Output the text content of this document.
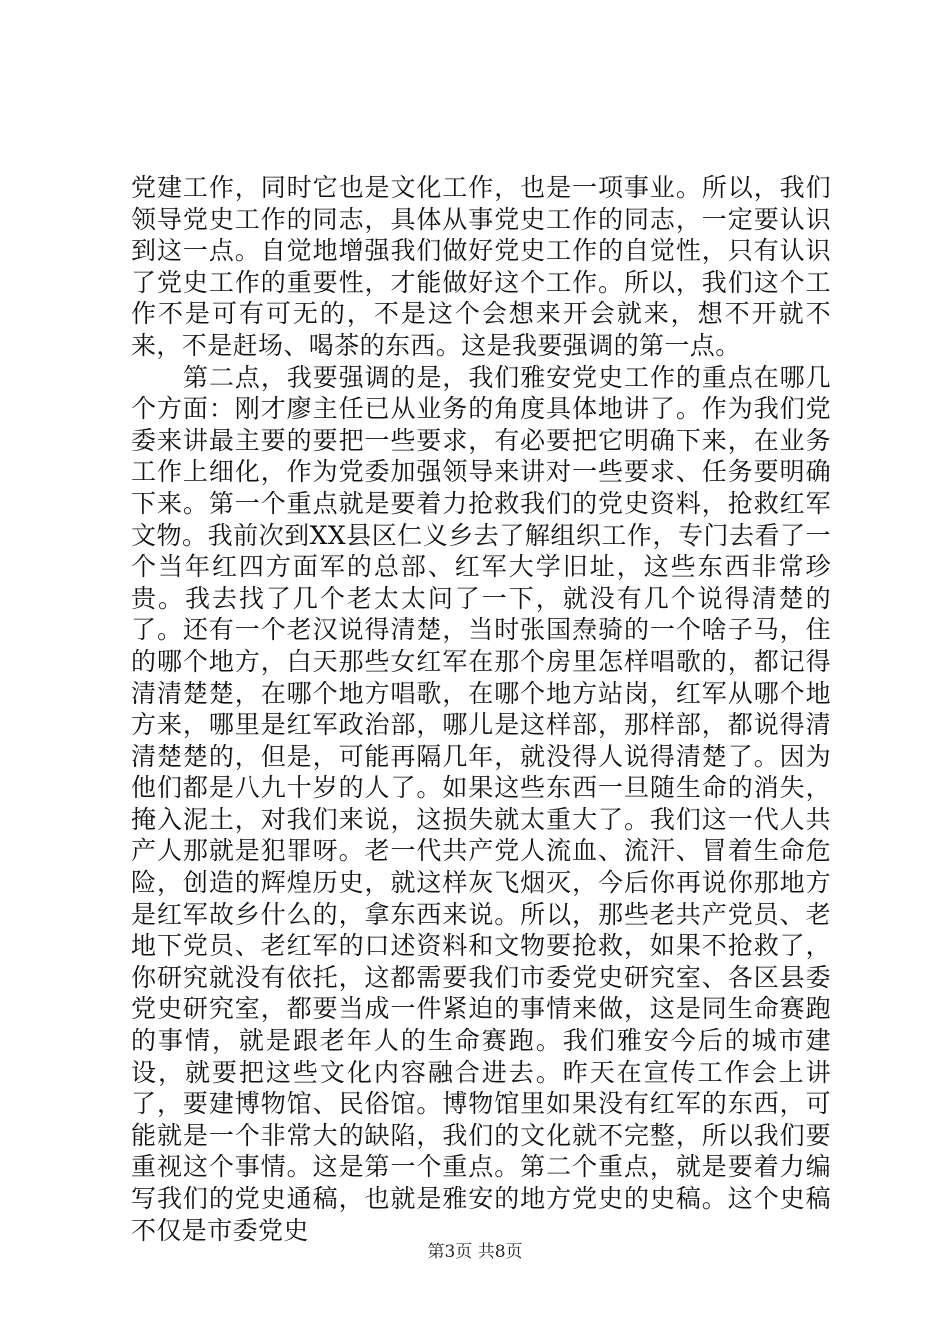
党建工作，同时它也是文化工作，也是一项事业。所以，我们领导党史工作的同志，具体从事党史工作的同志，一定要认识到这一点。自觉地增强我们做好党史工作的自觉性，只有认识了党史工作的重要性，才能做好这个工作。所以，我们这个工作不是可有可无的，不是这个会想来开会就来，想不开就不来，不是赶场、喝茶的东西。这是我要强调的第一点。

第二点，我要强调的是，我们雅安党史工作的重点在哪几个方面：刚才廖主任已从业务的角度具体地讲了。作为我们党委来讲最主要的要把一些要求，有必要把它明确下来，在业务工作上细化，作为党委加强领导来讲对一些要求、任务要明确下来。第一个重点就是要着力抢救我们的党史资料，抢救红军文物。我前次到XX县区仁义乡去了解组织工作，专门去看了一个当年红四方面军的总部、红军大学旧址，这些东西非常珍贵。我去找了几个老太太问了一下，就没有几个说得清楚的了。还有一个老汉说得清楚，当时张国焘骑的一个啥子马，住的哪个地方，白天那些女红军在那个房里怎样唱歌的，都记得清清楚楚，在哪个地方唱歌，在哪个地方站岗，红军从哪个地方来，哪里是红军政治部，哪儿是这样部，那样部，都说得清清楚楚的，但是，可能再隔几年，就没得人说得清楚了。因为他们都是八九十岁的人了。如果这些东西一旦随生命的消失，掩入泥土，对我们来说，这损失就太重大了。我们这一代人共产人那就是犯罪呀。老一代共产党人流血、流汗、冒着生命危险，创造的辉煌历史，就这样灰飞烟灭，今后你再说你那地方是红军故乡什么的，拿东西来说。所以，那些老共产党员、老地下党员、老红军的口述资料和文物要抢救，如果不抢救了，你研究就没有依托，这都需要我们市委党史研究室、各区县委党史研究室，都要当成一件紧迫的事情来做，这是同生命赛跑的事情，就是跟老年人的生命赛跑。我们雅安今后的城市建设，就要把这些文化内容融合进去。昨天在宣传工作会上讲了，要建博物馆、民俗馆。博物馆里如果没有红军的东西，可能就是一个非常大的缺陷，我们的文化就不完整，所以我们要重视这个事情。这是第一个重点。第二个重点，就是要着力编写我们的党史通稿，也就是雅安的地方党史的史稿。这个史稿不仅是市委党史

第3页 共8页
